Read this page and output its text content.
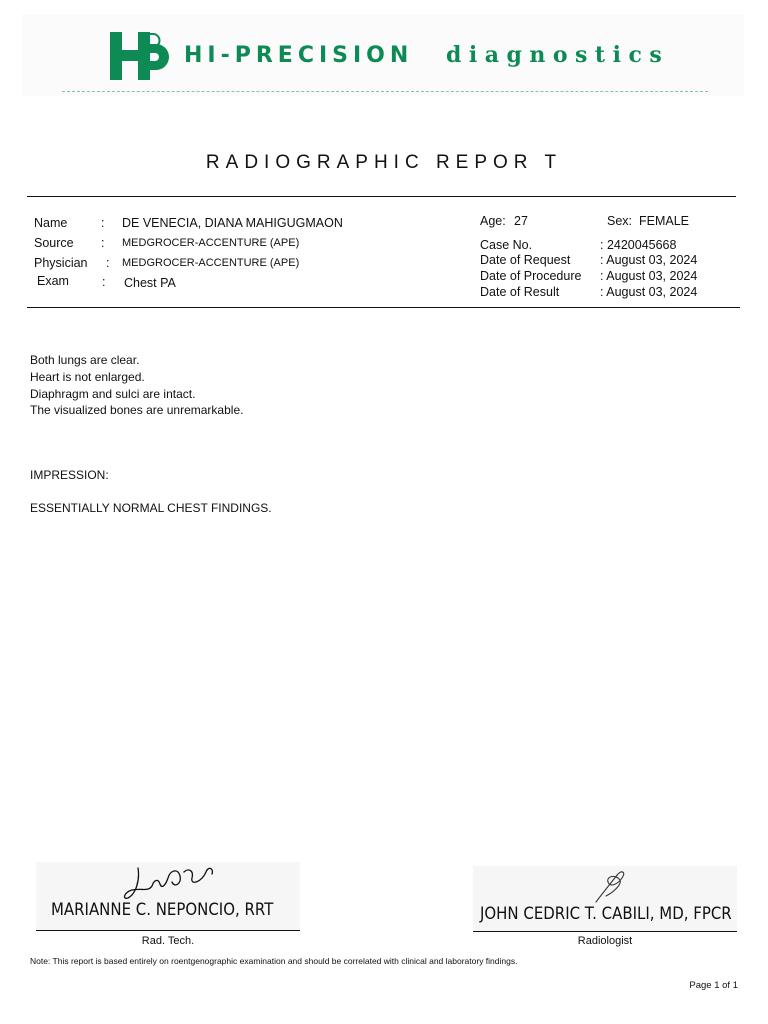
HI-PRECISION diagnostics
RADIOGRAPHIC REPOR T
Name	: DE VENECIA, DIANA MAHIGUGMAON
Source : MEDGROCER-ACCENTURE (APE)
Physician : MEDGROCER-ACCENTURE (APE)
Exam	: Chest PA
Age: 27	Sex: FEMALE
Case No.	: 2420045668
Date of Request : August 03, 2024
Date of Procedure : August 03, 2024
Date of Result	: August 03, 2024
Both lungs are clear.
Heart is not enlarged.
Diaphragm and sulci are intact.
The visualized bones are unremarkable.
IMPRESSION:
ESSENTIALLY NORMAL CHEST FINDINGS.
MARIANNE C. NEPONCIO, RRT
Rad. Tech.
JOHN CEDRIC T. CABILI, MD, FPCR
Radiologist
Note: This report is based entirely on roentgenographic examination and should be correlated with clinical and laboratory findings.
Page 1 of 1
